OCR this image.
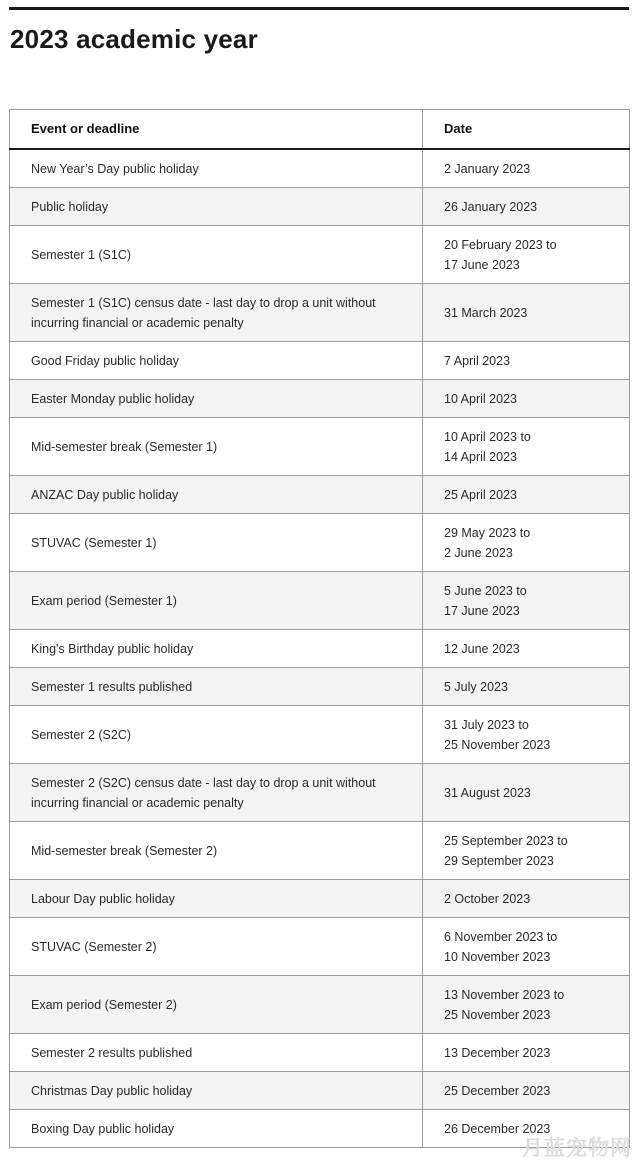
2023 academic year
Event or deadline	Date
New Year’s Day public holiday	2 January 2023
Public holiday	26 January 2023
Semester 1 (S1C)	20 February 2023 to
17 June 2023
Semester 1 (S1C) census date - last day to drop a unit without
incurring financial or academic penalty	31 March 2023
Good Friday public holiday	7 April 2023
Easter Monday public holiday	10 April 2023
Mid-semester break (Semester 1)	10 April 2023 to
14 April 2023
ANZAC Day public holiday	25 April 2023
STUVAC (Semester 1)	29 May 2023 to
2 June 2023
Exam period (Semester 1)	5 June 2023 to
17 June 2023
King's Birthday public holiday	12 June 2023
Semester 1 results published	5 July 2023
Semester 2 (S2C)	31 July 2023 to
25 November 2023
Semester 2 (S2C) census date - last day to drop a unit without
incurring financial or academic penalty	31 August 2023
Mid-semester break (Semester 2)	25 September 2023 to
29 September 2023
Labour Day public holiday	2 October 2023
STUVAC (Semester 2)	6 November 2023 to
10 November 2023
Exam period (Semester 2)	13 November 2023 to
25 November 2023
Semester 2 results published	13 December 2023
Christmas Day public holiday	25 December 2023
Boxing Day public holiday	26 December 2023
月蓝宠物网
